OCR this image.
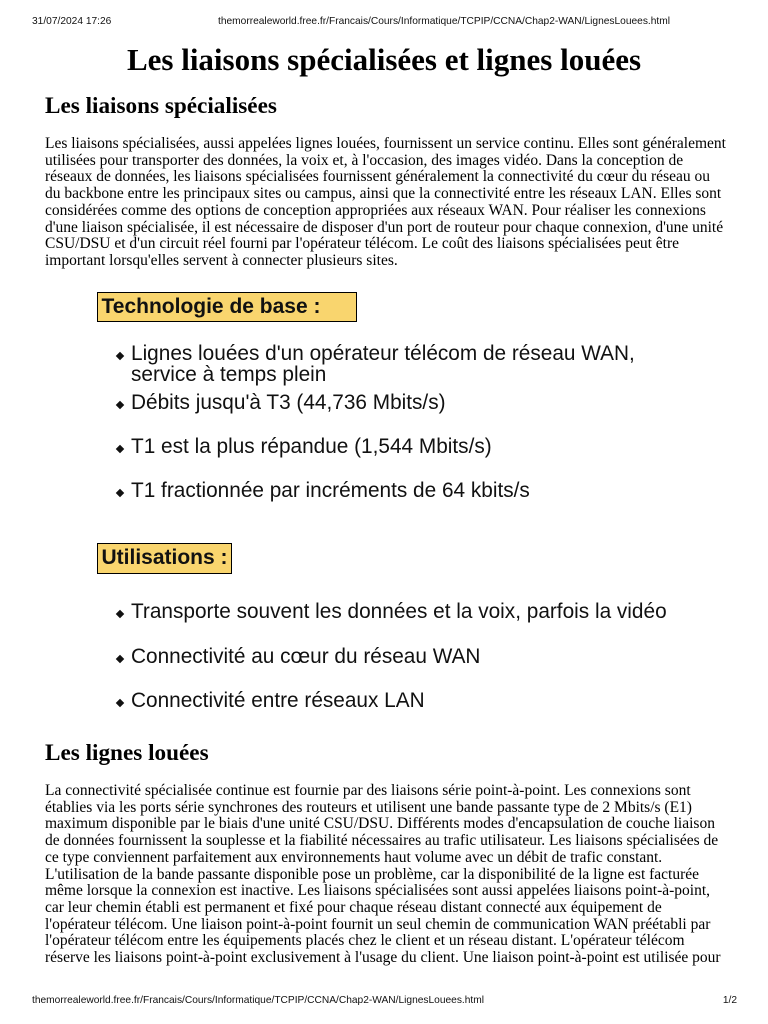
31/07/2024 17:26	themorrealeworld.free.fr/Francais/Cours/Informatique/TCPIP/CCNA/Chap2-WAN/LignesLouees.html
Les liaisons spécialisées et lignes louées
Les liaisons spécialisées

Les liaisons spécialisées, aussi appelées lignes louées, fournissent un service continu. Elles sont généralement
utilisées pour transporter des données, la voix et, à l'occasion, des images vidéo. Dans la conception de
réseaux de données, les liaisons spécialisées fournissent généralement la connectivité du cœur du réseau ou
du backbone entre les principaux sites ou campus, ainsi que la connectivité entre les réseaux LAN. Elles sont
considérées comme des options de conception appropriées aux réseaux WAN. Pour réaliser les connexions
d'une liaison spécialisée, il est nécessaire de disposer d'un port de routeur pour chaque connexion, d'une unité
CSU/DSU et d'un circuit réel fourni par l'opérateur télécom. Le coût des liaisons spécialisées peut être
important lorsqu'elles servent à connecter plusieurs sites.

Technologie de base :
Lignes louées d'un opérateur télécom de réseau WAN,
service à temps plein
Débits jusqu'à T3 (44,736 Mbits/s)
T1 est la plus répandue (1,544 Mbits/s)
T1 fractionnée par incréments de 64 kbits/s
Utilisations :
Transporte souvent les données et la voix, parfois la vidéo
Connectivité au cœur du réseau WAN
Connectivité entre réseaux LAN
Les lignes louées

La connectivité spécialisée continue est fournie par des liaisons série point-à-point. Les connexions sont
établies via les ports série synchrones des routeurs et utilisent une bande passante type de 2 Mbits/s (E1)
maximum disponible par le biais d'une unité CSU/DSU. Différents modes d'encapsulation de couche liaison
de données fournissent la souplesse et la fiabilité nécessaires au trafic utilisateur. Les liaisons spécialisées de
ce type conviennent parfaitement aux environnements haut volume avec un débit de trafic constant.
L'utilisation de la bande passante disponible pose un problème, car la disponibilité de la ligne est facturée
même lorsque la connexion est inactive. Les liaisons spécialisées sont aussi appelées liaisons point-à-point,
car leur chemin établi est permanent et fixé pour chaque réseau distant connecté aux équipement de
l'opérateur télécom. Une liaison point-à-point fournit un seul chemin de communication WAN préétabli par
l'opérateur télécom entre les équipements placés chez le client et un réseau distant. L'opérateur télécom
réserve les liaisons point-à-point exclusivement à l'usage du client. Une liaison point-à-point est utilisée pour

themorrealeworld.free.fr/Francais/Cours/Informatique/TCPIP/CCNA/Chap2-WAN/LignesLouees.html	1/2
